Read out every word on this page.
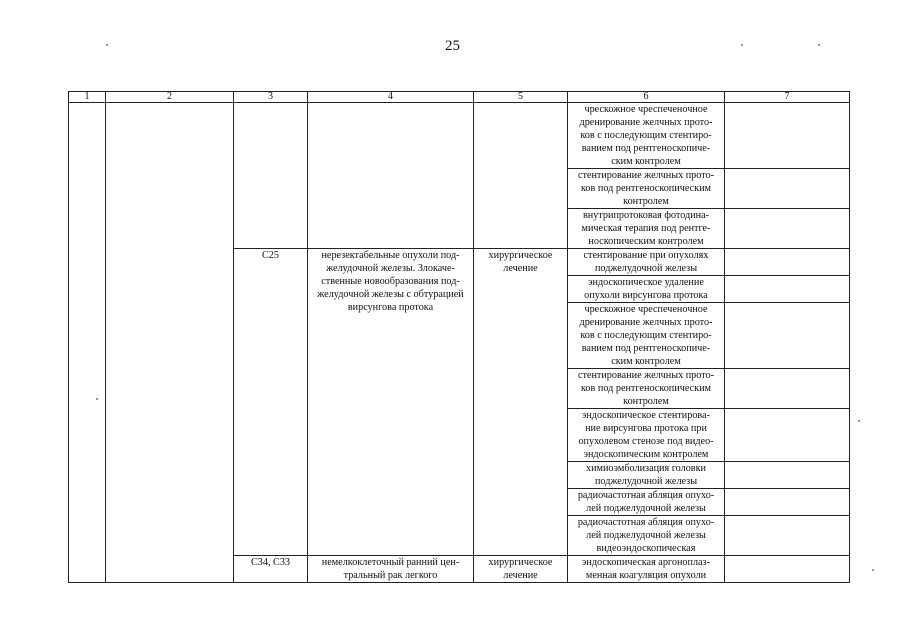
25
1	2	3	4	5	6	7
					чрескожное чреспеченочное
дренирование желчных прото-
ков с последующим стентиро-
ванием под рентгеноскопиче-
ским контролем	
					стентирование желчных прото-
ков под рентгеноскопическим
контролем	
					внутрипротоковая фотодина-
мическая терапия под рентге-
носкопическим контролем	
		C25	нерезектабельные опухоли под-
желудочной железы. Злокаче-
ственные новообразования под-
желудочной железы с обтурацией
вирсунгова протока	хирургическое
лечение	стентирование при опухолях
поджелудочной железы	
					эндоскопическое удаление
опухоли вирсунгова протока	
					чрескожное чреспеченочное
дренирование желчных прото-
ков с последующим стентиро-
ванием под рентгеноскопиче-
ским контролем	
					стентирование желчных прото-
ков под рентгеноскопическим
контролем	
					эндоскопическое стентирова-
ние вирсунгова протока при
опухолевом стенозе под видео-
эндоскопическим контролем	
					химиоэмболизация головки
поджелудочной железы	
					радиочастотная абляция опухо-
лей поджелудочной железы	
					радиочастотная абляция опухо-
лей поджелудочной железы
видеоэндоскопическая	
		C34, C33	немелкоклеточный ранний цен-
тральный рак легкого	хирургическое
лечение	эндоскопическая аргоноплаз-
менная коагуляция опухоли	
